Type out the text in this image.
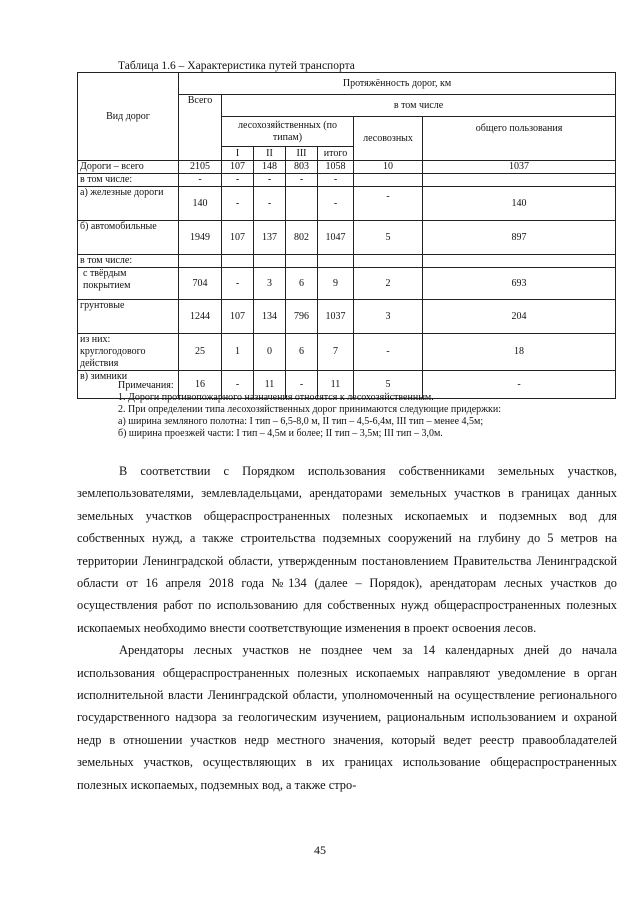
Таблица 1.6 – Характеристика путей транспорта
Вид дорог	Протяжённость дорог, км						
	Всего	в том числе					
		лесохозяйственных (по типам)				лесовозных	общего пользования
		I	II	III	итого		
Дороги – всего	2105	107	148	803	1058	10	1037
в том числе:	-	-	-	-	-		
а) железные дороги	140	-	-		-	-	140
б) автомобильные	1949	107	137	802	1047	5	897
в том числе:							
с твёрдым покрытием	704	-	3	6	9	2	693
грунтовые	1244	107	134	796	1037	3	204
из них: круглогодового действия	25	1	0	6	7	-	18
в) зимники	16	-	11	-	11	5	-
Примечания:
1. Дороги противопожарного назначения относятся к лесохозяйственным.
2. При определении типа лесохозяйственных дорог принимаются следующие придержки:
а) ширина земляного полотна: I тип – 6,5-8,0 м, II тип – 4,5-6,4м, III тип – менее 4,5м;
б) ширина проезжей части: I тип – 4,5м и более; II тип – 3,5м; III тип – 3,0м.

В соответствии с Порядком использования собственниками земельных участков, землепользователями, землевладельцами, арендаторами земельных участков в границах данных земельных участков общераспространенных полезных ископаемых и подземных вод для собственных нужд, а также строительства подземных сооружений на глубину до 5 метров на территории Ленинградской области, утвержденным постановлением Правительства Ленинградской области от 16 апреля 2018 года №134 (далее – Порядок), арендаторам лесных участков до осуществления работ по использованию для собственных нужд общераспространенных полезных ископаемых необходимо внести соответствующие изменения в проект освоения лесов.

Арендаторы лесных участков не позднее чем за 14 календарных дней до начала использования общераспространенных полезных ископаемых направляют уведомление в орган исполнительной власти Ленинградской области, уполномоченный на осуществление регионального государственного надзора за геологическим изучением, рациональным использованием и охраной недр в отношении участков недр местного значения, который ведет реестр правообладателей земельных участков, осуществляющих в их границах использование общераспространенных полезных ископаемых, подземных вод, а также стро-

45
